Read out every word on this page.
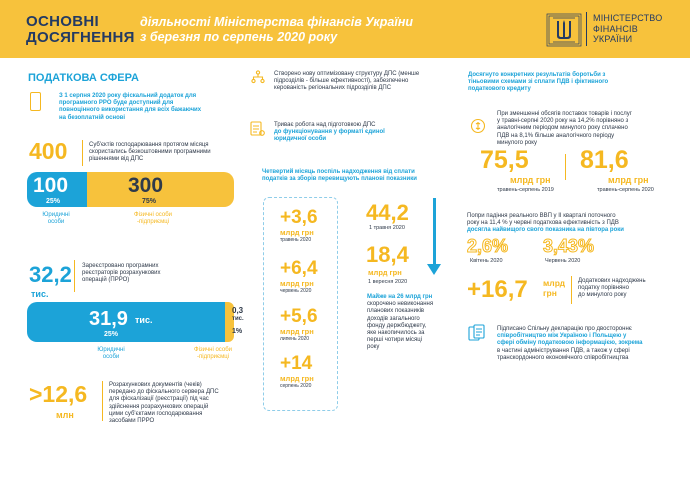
ОСНОВНІ
ДОСЯГНЕННЯ
діяльності Міністерства фінансів України
з березня по серпень 2020 року
МІНІСТЕРСТВО
ФІНАНСІВ
УКРАЇНИ
ПОДАТКОВА СФЕРА
З 1 серпня 2020 року фіскальний додаток для
програмного РРО буде доступний для
повноцінного використання для всіх бажаючих
на безоплатній основі
400	Суб'єктів господарювання протягом місяця
скористались безкоштовними програмними
рішеннями від ДПС
100
25%
300
75%
Юридичні
особи
Фізичні особи
-підприємці
32,2
тис.
Зареєстровано програмних
реєстраторів розрахункових
операцій (ПРРО)
31,9 тис.
25%
0,3
тис.
1%
Юридичні
особи
Фізичні особи
-підприємці
>12,6
млн
Розрахункових документів (чеків)
передано до фіскального сервера ДПС
для фіскалізації (реєстрації) під час
здійснення розрахункових операцій
цими суб'єктами господарювання
засобами ПРРО
Створено нову оптимізовану структуру ДПС (менше
підрозділів - більше ефективності), забезпечено
керованість регіональних підрозділів ДПС
Триває робота над підготовкою ДПС
до функціонування у форматі єдиної
юридичної особи
Четвертий місяць поспіль надходження від сплати
податків за зборів перевищують планові показники
+3,6
млрд грн
травень 2020
+6,4
млрд грн
червень 2020
+5,6
млрд грн
липень 2020
+14
млрд грн
серпень 2020
44,2
1 травня 2020
18,4
млрд грн
1 вересня 2020
Майже на 26 млрд грн
скорочено невиконання
планових показників
доходів загального
фонду держбюджету,
яке накопичилось за
перші чотири місяці
року
Досягнуто конкретних результатів боротьби з
тіньовими схемами зі сплати ПДВ і фіктивного
податкового кредиту
При зменшенні обсягів поставок товарів і послуг
у травні-серпні 2020 року на 14,2% порівняно з
аналогічним періодом минулого року сплачено
ПДВ на 8,1% більше аналогічного періоду
минулого року
75,5
млрд грн
травень-серпень 2019
81,6
млрд грн
травень-серпень 2020
Попри падіння реального ВВП у II кварталі поточного
року на 11,4 % у червні податкова ефективність з ПДВ
досягла найвищого свого показника на півтора роки
2,6%
Квітень 2020
3,43%
Червень 2020
+16,7 млрд грн
Додаткових надходжень
податку порівняно
до минулого року
Підписано Спільну декларацію про двостороннє
співробітництво між Україною і Польщею у
сфері обміну податковою інформацією, зокрема
в частині адміністрування ПДВ, а також у сфері
транскордонного економічного співробітництва
